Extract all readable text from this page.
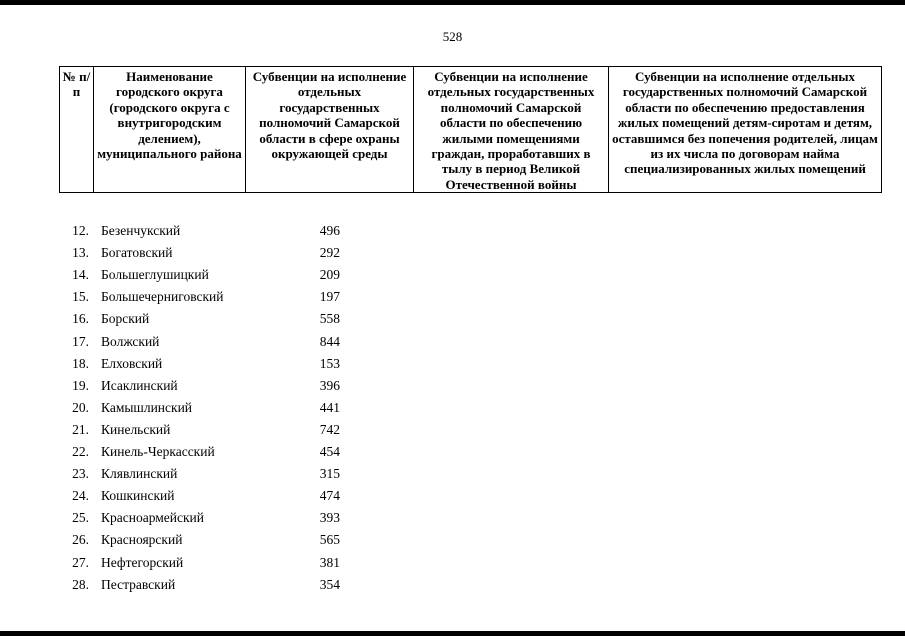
528
№ п/п	Наименование городского округа (городского округа с внутригородским делением), муниципального района	Субвенции на исполнение отдельных государственных полномочий Самарской области в сфере охраны окружающей среды	Субвенции на исполнение отдельных государственных полномочий Самарской области по обеспечению жилыми помещениями граждан, проработавших в тылу в период Великой Отечественной войны	Субвенции на исполнение отдельных государственных полномочий Самарской области по обеспечению предоставления жилых помещений детям-сиротам и детям, оставшимся без попечения родителей, лицам из их числа по договорам найма специализированных жилых помещений
12. Безенчукский	496
13. Богатовский	292
14. Большеглушицкий	209
15. Большечерниговский	197
16. Борский	558
17. Волжский	844
18. Елховский	153
19. Исаклинский	396
20. Камышлинский	441
21. Кинельский	742
22. Кинель-Черкасский	454
23. Клявлинский	315
24. Кошкинский	474
25. Красноармейский	393
26. Красноярский	565
27. Нефтегорский	381
28. Пестравский	354
